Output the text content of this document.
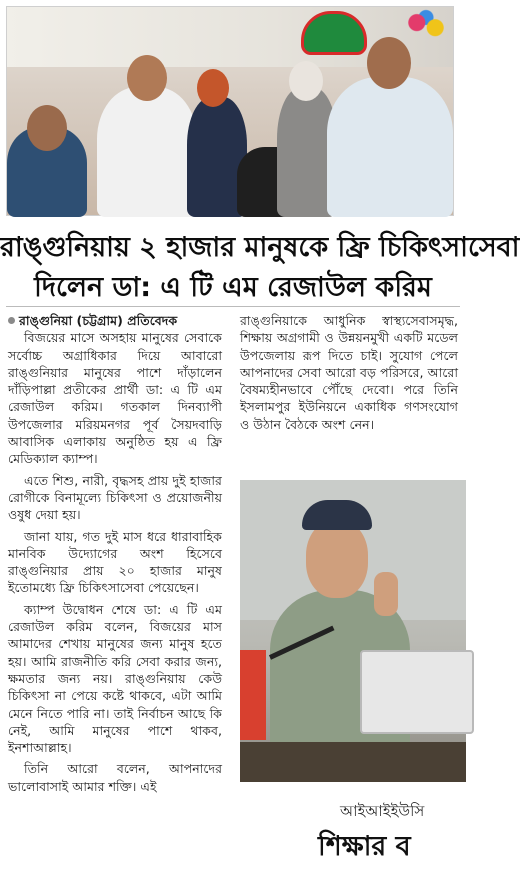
রাঙ্গুনিয়ায় ২ হাজার মানুষকে ফ্রি চিকিৎসাসেবা
দিলেন ডা: এ টি এম রেজাউল করিম

রাঙ্গুনিয়া (চট্টগ্রাম) প্রতিবেদক

বিজয়ের মাসে অসহায় মানুষের সেবাকে সর্বোচ্চ অগ্রাধিকার দিয়ে আবারো রাঙ্গুনিয়ার মানুষের পাশে দাঁড়ালেন দাঁড়িপাল্লা প্রতীকের প্রার্থী ডা: এ টি এম রেজাউল করিম। গতকাল দিনব্যাপী উপজেলার মরিয়মনগর পূর্ব সৈয়দবাড়ি আবাসিক এলাকায় অনুষ্ঠিত হয় এ ফ্রি মেডিক্যাল ক্যাম্প।

এতে শিশু, নারী, বৃদ্ধসহ প্রায় দুই হাজার রোগীকে বিনামূল্যে চিকিৎসা ও প্রয়োজনীয় ওষুধ দেয়া হয়।

জানা যায়, গত দুই মাস ধরে ধারাবাহিক মানবিক উদ্যোগের অংশ হিসেবে রাঙ্গুনিয়ার প্রায় ২০ হাজার মানুষ ইতোমধ্যে ফ্রি চিকিৎসাসেবা পেয়েছেন।

ক্যাম্প উদ্বোধন শেষে ডা: এ টি এম রেজাউল করিম বলেন, বিজয়ের মাস আমাদের শেখায় মানুষের জন্য মানুষ হতে হয়। আমি রাজনীতি করি সেবা করার জন্য, ক্ষমতার জন্য নয়। রাঙ্গুনিয়ায় কেউ চিকিৎসা না পেয়ে কষ্টে থাকবে, এটা আমি মেনে নিতে পারি না। তাই নির্বাচন আছে কি নেই, আমি মানুষের পাশে থাকব, ইনশাআল্লাহ।

তিনি আরো বলেন, আপনাদের ভালোবাসাই আমার শক্তি। এই

রাঙ্গুনিয়াকে আধুনিক স্বাস্থ্যসেবাসমৃদ্ধ, শিক্ষায় অগ্রগামী ও উন্নয়নমুখী একটি মডেল উপজেলায় রূপ দিতে চাই। সুযোগ পেলে আপনাদের সেবা আরো বড় পরিসরে, আরো বৈষম্যহীনভাবে পৌঁছে দেবো। পরে তিনি ইসলামপুর ইউনিয়নে একাধিক গণসংযোগ ও উঠান বৈঠকে অংশ নেন।

আইআইইউসি
শিক্ষার ব
